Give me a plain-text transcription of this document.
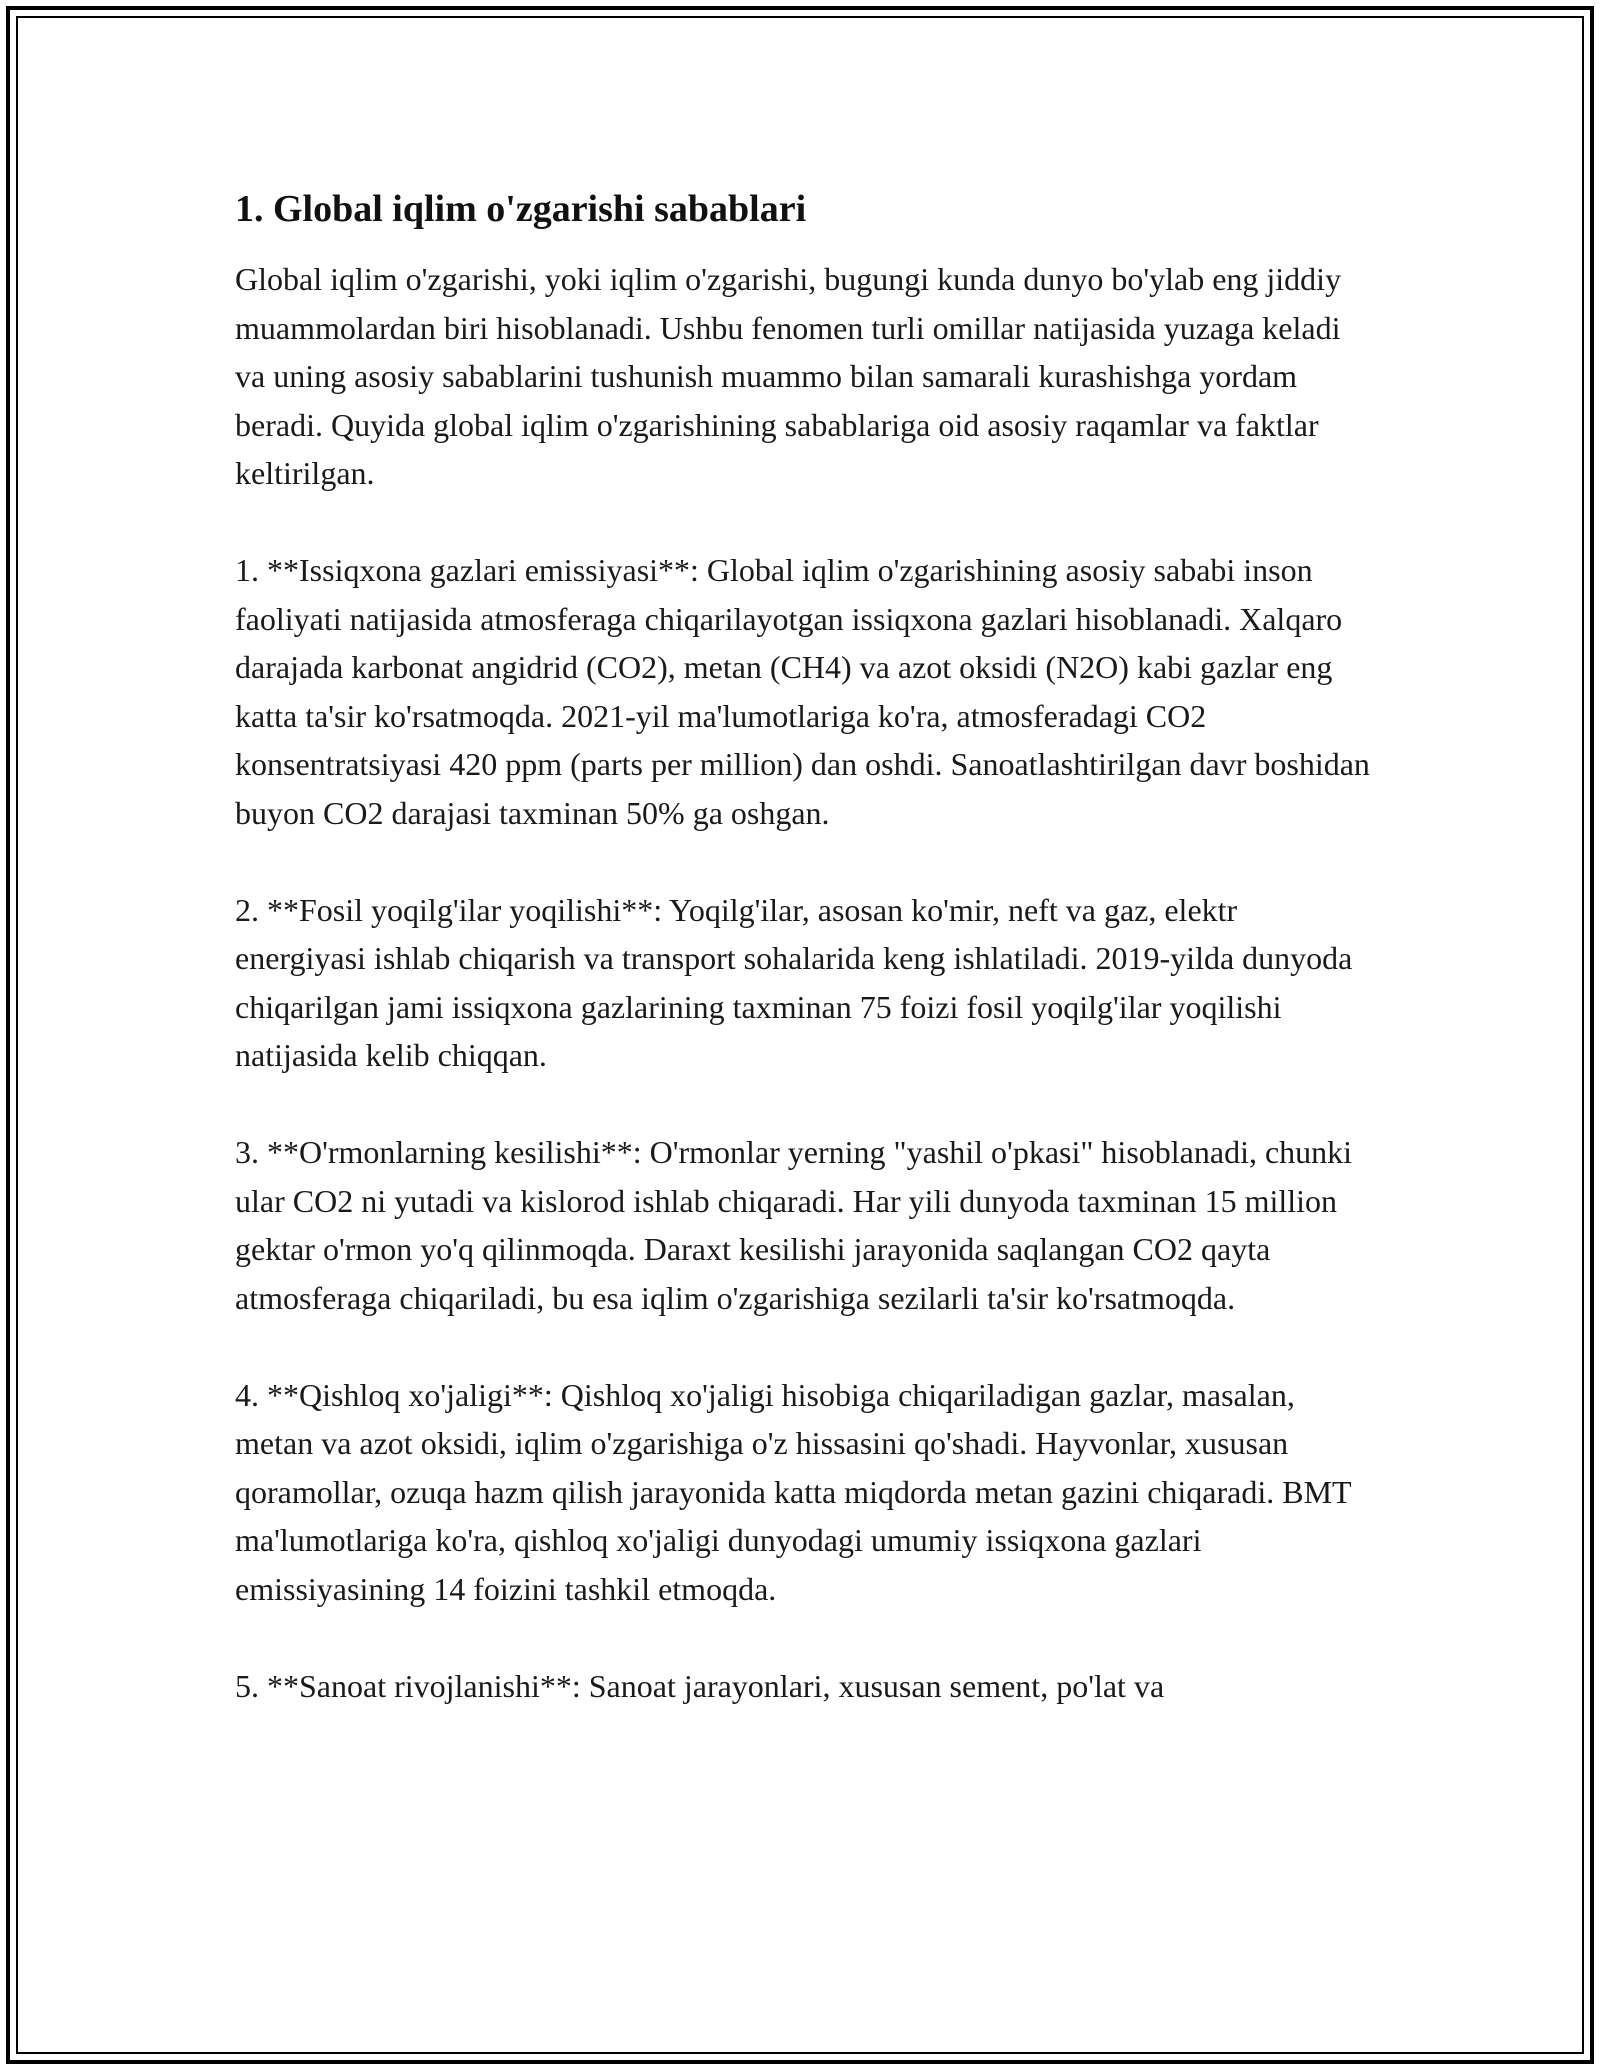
1. Global iqlim o'zgarishi sabablari

Global iqlim o'zgarishi, yoki iqlim o'zgarishi, bugungi kunda dunyo bo'ylab eng jiddiy muammolardan biri hisoblanadi. Ushbu fenomen turli omillar natijasida yuzaga keladi va uning asosiy sabablarini tushunish muammo bilan samarali kurashishga yordam beradi. Quyida global iqlim o'zgarishining sabablariga oid asosiy raqamlar va faktlar keltirilgan.

1. **Issiqxona gazlari emissiyasi**: Global iqlim o'zgarishining asosiy sababi inson faoliyati natijasida atmosferaga chiqarilayotgan issiqxona gazlari hisoblanadi. Xalqaro darajada karbonat angidrid (CO2), metan (CH4) va azot oksidi (N2O) kabi gazlar eng katta ta'sir ko'rsatmoqda. 2021-yil ma'lumotlariga ko'ra, atmosferadagi CO2 konsentratsiyasi 420 ppm (parts per million) dan oshdi. Sanoatlashtirilgan davr boshidan buyon CO2 darajasi taxminan 50% ga oshgan.

2. **Fosil yoqilg'ilar yoqilishi**: Yoqilg'ilar, asosan ko'mir, neft va gaz, elektr energiyasi ishlab chiqarish va transport sohalarida keng ishlatiladi. 2019-yilda dunyoda chiqarilgan jami issiqxona gazlarining taxminan 75 foizi fosil yoqilg'ilar yoqilishi natijasida kelib chiqqan.

3. **O'rmonlarning kesilishi**: O'rmonlar yerning "yashil o'pkasi" hisoblanadi, chunki ular CO2 ni yutadi va kislorod ishlab chiqaradi. Har yili dunyoda taxminan 15 million gektar o'rmon yo'q qilinmoqda. Daraxt kesilishi jarayonida saqlangan CO2 qayta atmosferaga chiqariladi, bu esa iqlim o'zgarishiga sezilarli ta'sir ko'rsatmoqda.

4. **Qishloq xo'jaligi**: Qishloq xo'jaligi hisobiga chiqariladigan gazlar, masalan, metan va azot oksidi, iqlim o'zgarishiga o'z hissasini qo'shadi. Hayvonlar, xususan qoramollar, ozuqa hazm qilish jarayonida katta miqdorda metan gazini chiqaradi. BMT ma'lumotlariga ko'ra, qishloq xo'jaligi dunyodagi umumiy issiqxona gazlari emissiyasining 14 foizini tashkil etmoqda.

5. **Sanoat rivojlanishi**: Sanoat jarayonlari, xususan sement, po'lat va
